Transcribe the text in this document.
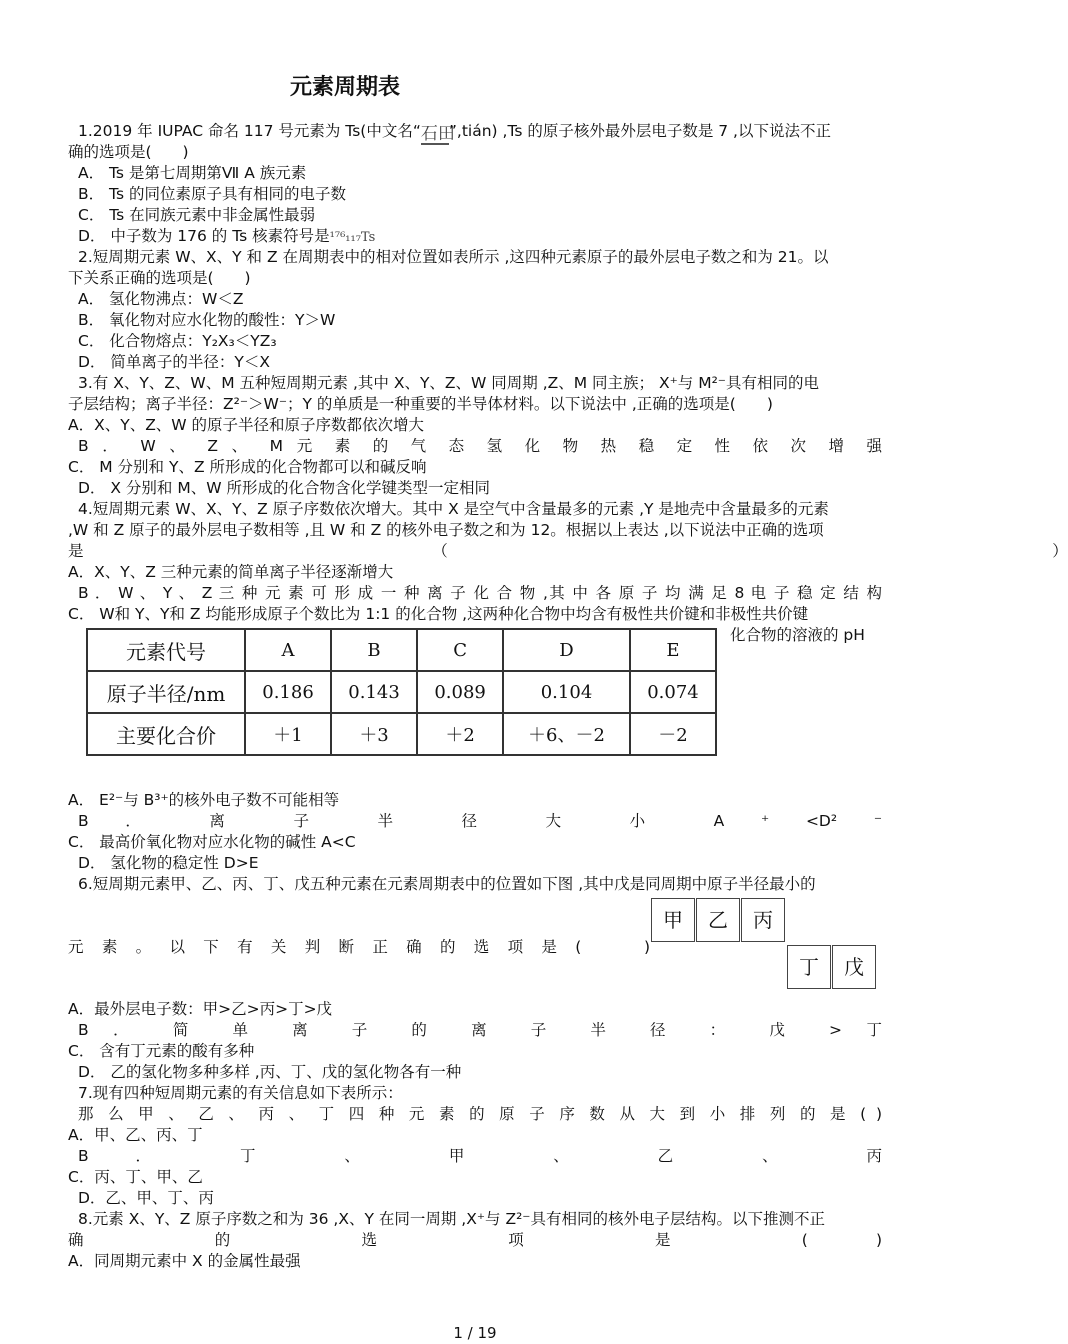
元素周期表
1.2019 年 IUPAC 命名 117 号元素为 Ts(中文名“石田”,tián) ,Ts 的原子核外最外层电子数是 7 ,以下说法不正
确的选项是(　　)
A． Ts 是第七周期第Ⅶ A 族元素
B． Ts 的同位素原子具有相同的电子数
C． Ts 在同族元素中非金属性最弱
D． 中子数为 176 的 Ts 核素符号是¹⁷⁶₁₁₇Ts
2.短周期元素 W、X、Y 和 Z 在周期表中的相对位置如表所示 ,这四种元素原子的最外层电子数之和为 21。以
下关系正确的选项是(　　)
A． 氢化物沸点：W＜Z
B． 氧化物对应水化物的酸性：Y＞W
C． 化合物熔点：Y₂X₃＜YZ₃
D． 简单离子的半径：Y＜X
3.有 X、Y、Z、W、M 五种短周期元素 ,其中 X、Y、Z、W 同周期 ,Z、M 同主族； X⁺与 M²⁻具有相同的电
子层结构；离子半径：Z²⁻＞W⁻；Y 的单质是一种重要的半导体材料。以下说法中 ,正确的选项是(　　)
A．X、Y、Z、W 的原子半径和原子序数都依次增大
B ． W 、 Z 、 M 元 素 的 气 态 氢 化 物 热 稳 定 性 依 次 增 强
C． M 分别和 Y、Z 所形成的化合物都可以和碱反响
D． X 分别和 M、W 所形成的化合物含化学键类型一定相同
4.短周期元素 W、X、Y、Z 原子序数依次增大。其中 X 是空气中含量最多的元素 ,Y 是地壳中含量最多的元素
,W 和 Z 原子的最外层电子数相等 ,且 W 和 Z 的核外电子数之和为 12。根据以上表达 ,以下说法中正确的选项
是　　　　　　　　　　　　　　　　　　　　　　　（　　　　　　　　　　　　　　　　　　　　　　　　　　　　　　　　　　　　　　　）
A．X、Y、Z 三种元素的简单离子半径逐渐增大
B ． W 、 Y 、 Z 三 种 元 素 可 形 成 一 种 离 子 化 合 物 ,其 中 各 原 子 均 满 足 8 电 子 稳 定 结 构
C． W和 Y、Y和 Z 均能形成原子个数比为 1:1 的化合物 ,这两种化合物中均含有极性共价键和非极性共价键
化合物的溶液的 pH
元素代号	A	B	C	D	E
原子半径/nm	0.186	0.143	0.089	0.104	0.074
主要化合价	＋1	＋3	＋2	＋6、－2	－2
A． E²⁻与 B³⁺的核外电子数不可能相等
B ． 离 子 半 径 大 小 A ⁺ <D² ⁻
C． 最高价氧化物对应水化物的碱性 A<C
D． 氢化物的稳定性 D>E
6.短周期元素甲、乙、丙、丁、戊五种元素在元素周期表中的位置如下图 ,其中戊是同周期中原子半径最小的
元 素 。 以 下 有 关 判 断 正 确 的 选 项 是 (　　 )
甲	乙	丙
丁	戊
A．最外层电子数：甲>乙>丙>丁>戊
B ． 简 单 离 子 的 离 子 半 径 ： 戊 > 丁
C． 含有丁元素的酸有多种
D． 乙的氢化物多种多样 ,丙、丁、戊的氢化物各有一种
7.现有四种短周期元素的有关信息如下表所示：
那 么 甲 、 乙 、 丙 、 丁 四 种 元 素 的 原 子 序 数 从 大 到 小 排 列 的 是 ( )
A．甲、乙、丙、丁
B ． 丁 、 甲 、 乙 、 丙
C．丙、丁、甲、乙
D．乙、甲、丁、丙
8.元素 X、Y、Z 原子序数之和为 36 ,X、Y 在同一周期 ,X⁺与 Z²⁻具有相同的核外电子层结构。以下推测不正
确 的 选 项 是 ( )
A．同周期元素中 X 的金属性最强
1 / 19
